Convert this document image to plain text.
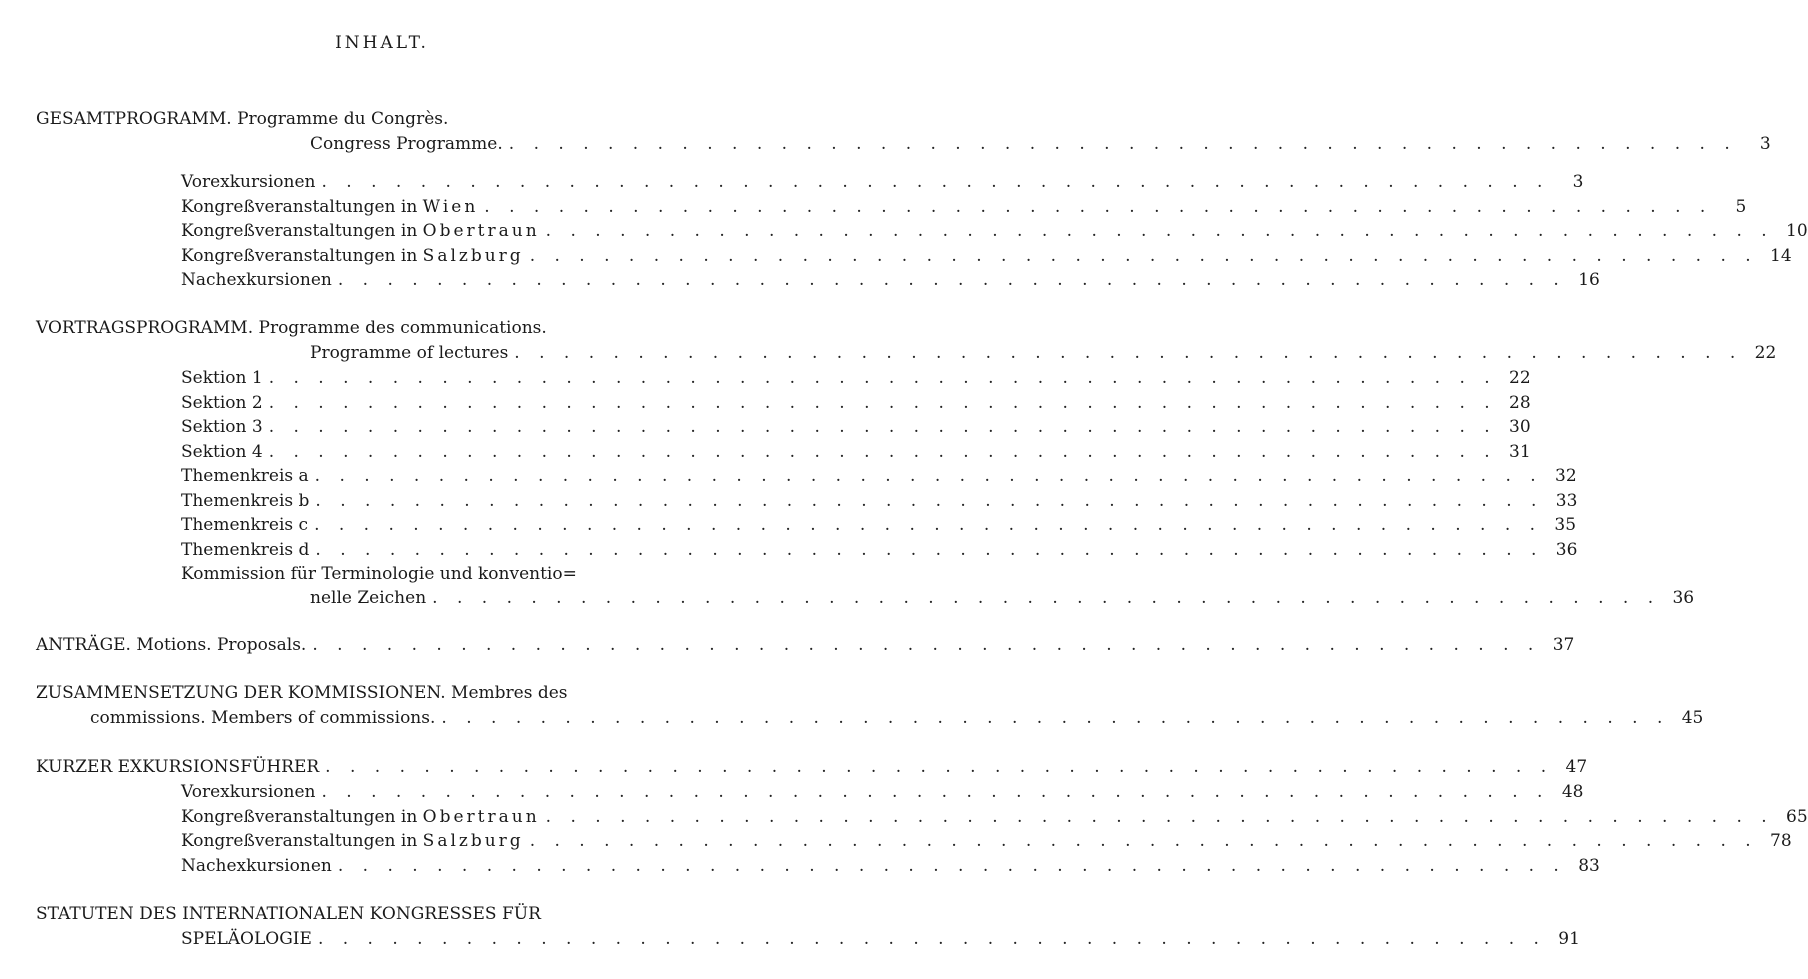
INHALT.
GESAMTPROGRAMM. Programme du Congrès.
Congress Programme. . . . . . . . . . . . . . . . . . . . . . . . . . . . . . . . . . . . . . . . . . . . . . . . . . .	3
Vorexkursionen . . . . . . . . . . . . . . . . . . . . . . . . . . . . . . . . . . . . . . . . . . . . . . . . . .	3
Kongreßveranstaltungen in Wien . . . . . . . . . . . . . . . . . . . . . . . . . . . . . . . . . . . . . . . . . . . . . . . . . .	5
Kongreßveranstaltungen in Obertraun . . . . . . . . . . . . . . . . . . . . . . . . . . . . . . . . . . . . . . . . . . . . . . . . . . 10
Kongreßveranstaltungen in Salzburg . . . . . . . . . . . . . . . . . . . . . . . . . . . . . . . . . . . . . . . . . . . . . . . . . . 14
Nachexkursionen . . . . . . . . . . . . . . . . . . . . . . . . . . . . . . . . . . . . . . . . . . . . . . . . . . 16
VORTRAGSPROGRAMM. Programme des communications.
Programme of lectures . . . . . . . . . . . . . . . . . . . . . . . . . . . . . . . . . . . . . . . . . . . . . . . . . . 22
Sektion 1 . . . . . . . . . . . . . . . . . . . . . . . . . . . . . . . . . . . . . . . . . . . . . . . . . . 22
Sektion 2 . . . . . . . . . . . . . . . . . . . . . . . . . . . . . . . . . . . . . . . . . . . . . . . . . . 28
Sektion 3 . . . . . . . . . . . . . . . . . . . . . . . . . . . . . . . . . . . . . . . . . . . . . . . . . . 30
Sektion 4 . . . . . . . . . . . . . . . . . . . . . . . . . . . . . . . . . . . . . . . . . . . . . . . . . . 31
Themenkreis a . . . . . . . . . . . . . . . . . . . . . . . . . . . . . . . . . . . . . . . . . . . . . . . . . . 32
Themenkreis b . . . . . . . . . . . . . . . . . . . . . . . . . . . . . . . . . . . . . . . . . . . . . . . . . . 33
Themenkreis c . . . . . . . . . . . . . . . . . . . . . . . . . . . . . . . . . . . . . . . . . . . . . . . . . . 35
Themenkreis d . . . . . . . . . . . . . . . . . . . . . . . . . . . . . . . . . . . . . . . . . . . . . . . . . . 36
Kommission für Terminologie und konventio=
nelle Zeichen . . . . . . . . . . . . . . . . . . . . . . . . . . . . . . . . . . . . . . . . . . . . . . . . . . 36
ANTRÄGE. Motions. Proposals. . . . . . . . . . . . . . . . . . . . . . . . . . . . . . . . . . . . . . . . . . . . . . . . . . . 37
ZUSAMMENSETZUNG DER KOMMISSIONEN. Membres des
commissions. Members of commissions. . . . . . . . . . . . . . . . . . . . . . . . . . . . . . . . . . . . . . . . . . . . . . . . . . . 45
KURZER EXKURSIONSFÜHRER . . . . . . . . . . . . . . . . . . . . . . . . . . . . . . . . . . . . . . . . . . . . . . . . . . 47
Vorexkursionen . . . . . . . . . . . . . . . . . . . . . . . . . . . . . . . . . . . . . . . . . . . . . . . . . . 48
Kongreßveranstaltungen in Obertraun . . . . . . . . . . . . . . . . . . . . . . . . . . . . . . . . . . . . . . . . . . . . . . . . . . 65
Kongreßveranstaltungen in Salzburg . . . . . . . . . . . . . . . . . . . . . . . . . . . . . . . . . . . . . . . . . . . . . . . . . . 78
Nachexkursionen . . . . . . . . . . . . . . . . . . . . . . . . . . . . . . . . . . . . . . . . . . . . . . . . . . 83
STATUTEN DES INTERNATIONALEN KONGRESSES FÜR
SPELÄOLOGIE . . . . . . . . . . . . . . . . . . . . . . . . . . . . . . . . . . . . . . . . . . . . . . . . . . 91
